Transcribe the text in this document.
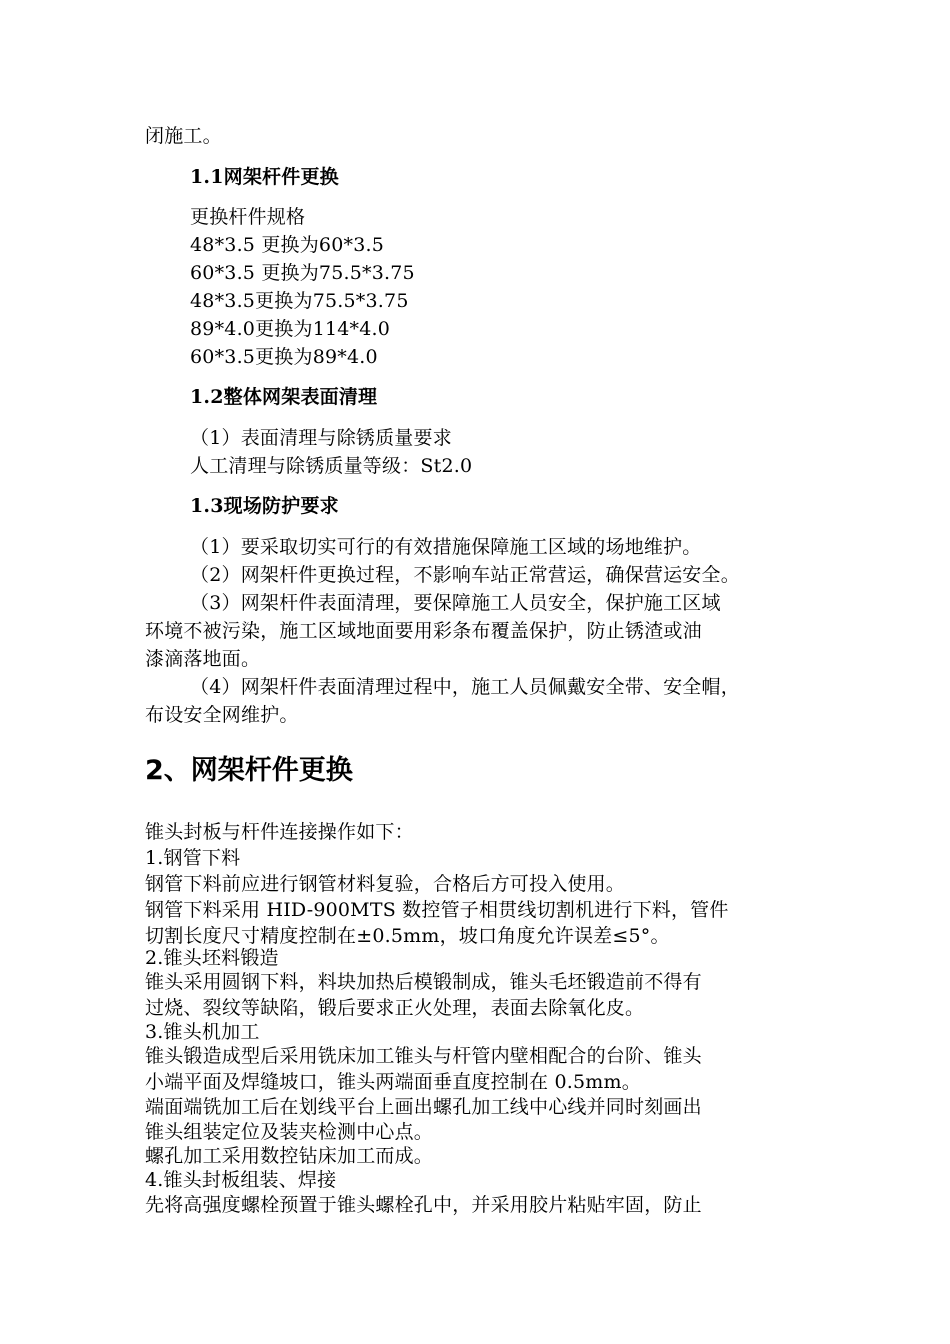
闭施工。
1.1网架杆件更换
更换杆件规格
48*3.5 更换为60*3.5
60*3.5 更换为75.5*3.75
48*3.5更换为75.5*3.75
89*4.0更换为114*4.0
60*3.5更换为89*4.0
1.2整体网架表面清理
（1）表面清理与除锈质量要求
人工清理与除锈质量等级：St2.0
1.3现场防护要求
（1）要采取切实可行的有效措施保障施工区域的场地维护。
（2）网架杆件更换过程，不影响车站正常营运，确保营运安全。
（3）网架杆件表面清理，要保障施工人员安全，保护施工区域
环境不被污染，施工区域地面要用彩条布覆盖保护，防止锈渣或油
漆滴落地面。
（4）网架杆件表面清理过程中，施工人员佩戴安全带、安全帽，
布设安全网维护。
2、网架杆件更换
锥头封板与杆件连接操作如下：
1.钢管下料
钢管下料前应进行钢管材料复验，合格后方可投入使用。
钢管下料采用 HID-900MTS 数控管子相贯线切割机进行下料，管件
切割长度尺寸精度控制在±0.5mm，坡口角度允许误差≤5°。
2.锥头坯料锻造
锥头采用圆钢下料，料块加热后模锻制成，锥头毛坯锻造前不得有
过烧、裂纹等缺陷，锻后要求正火处理，表面去除氧化皮。
3.锥头机加工
锥头锻造成型后采用铣床加工锥头与杆管内壁相配合的台阶、锥头
小端平面及焊缝坡口，锥头两端面垂直度控制在 0.5mm。
端面端铣加工后在划线平台上画出螺孔加工线中心线并同时刻画出
锥头组装定位及装夹检测中心点。
螺孔加工采用数控钻床加工而成。
4.锥头封板组装、焊接
先将高强度螺栓预置于锥头螺栓孔中，并采用胶片粘贴牢固，防止
